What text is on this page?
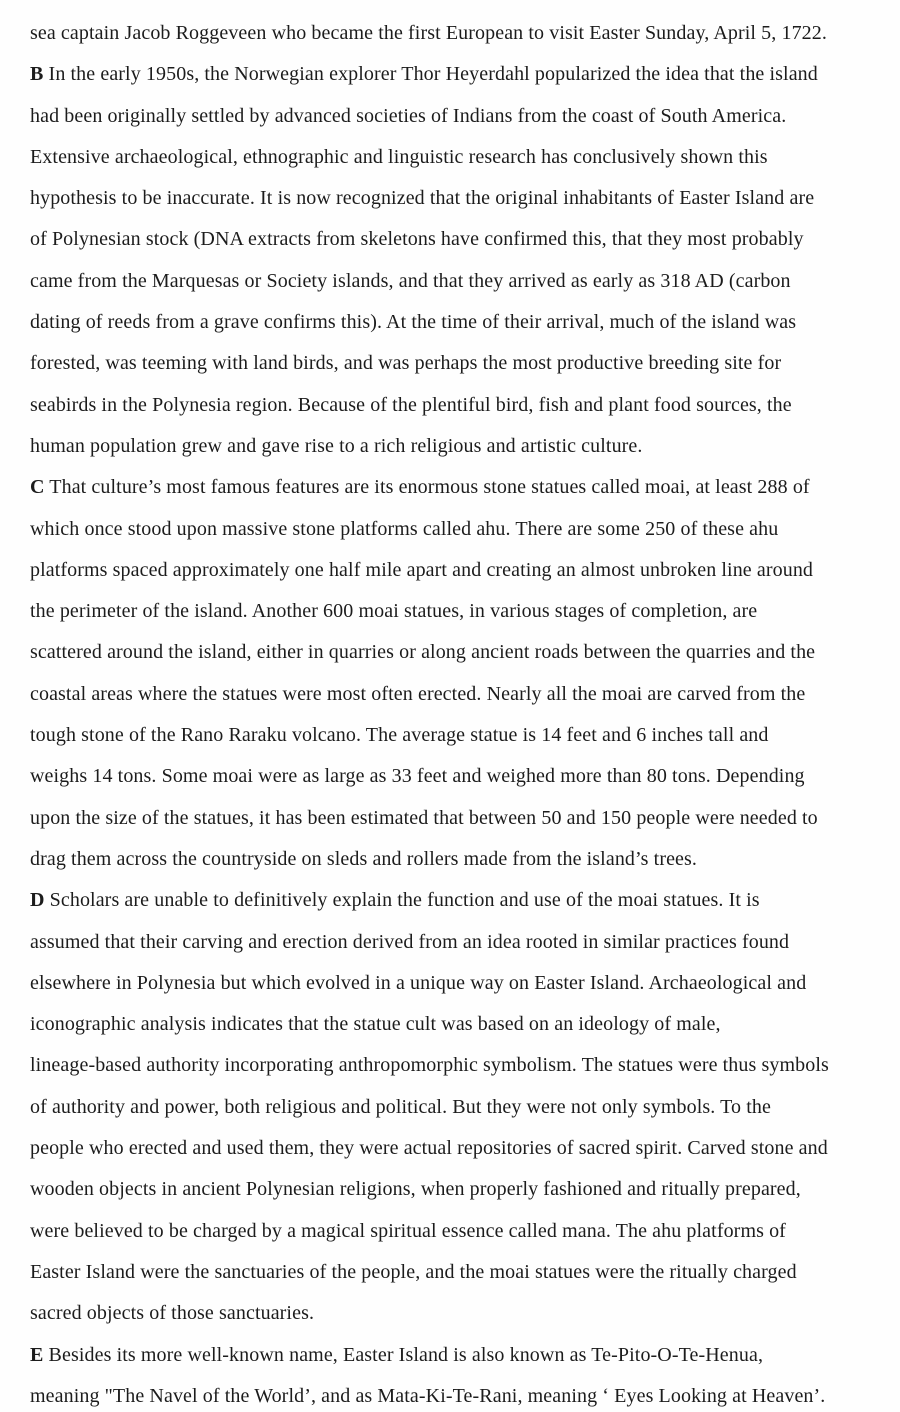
sea captain Jacob Roggeveen who became the first European to visit Easter Sunday, April 5, 1722.
B In the early 1950s, the Norwegian explorer Thor Heyerdahl popularized the idea that the island
had been originally settled by advanced societies of Indians from the coast of South America.
Extensive archaeological, ethnographic and linguistic research has conclusively shown this
hypothesis to be inaccurate. It is now recognized that the original inhabitants of Easter Island are
of Polynesian stock (DNA extracts from skeletons have confirmed this, that they most probably
came from the Marquesas or Society islands, and that they arrived as early as 318 AD (carbon
dating of reeds from a grave confirms this). At the time of their arrival, much of the island was
forested, was teeming with land birds, and was perhaps the most productive breeding site for
seabirds in the Polynesia region. Because of the plentiful bird, fish and plant food sources, the
human population grew and gave rise to a rich religious and artistic culture.
C That culture’s most famous features are its enormous stone statues called moai, at least 288 of
which once stood upon massive stone platforms called ahu. There are some 250 of these ahu
platforms spaced approximately one half mile apart and creating an almost unbroken line around
the perimeter of the island. Another 600 moai statues, in various stages of completion, are
scattered around the island, either in quarries or along ancient roads between the quarries and the
coastal areas where the statues were most often erected. Nearly all the moai are carved from the
tough stone of the Rano Raraku volcano. The average statue is 14 feet and 6 inches tall and
weighs 14 tons. Some moai were as large as 33 feet and weighed more than 80 tons. Depending
upon the size of the statues, it has been estimated that between 50 and 150 people were needed to
drag them across the countryside on sleds and rollers made from the island’s trees.
D Scholars are unable to definitively explain the function and use of the moai statues. It is
assumed that their carving and erection derived from an idea rooted in similar practices found
elsewhere in Polynesia but which evolved in a unique way on Easter Island. Archaeological and
iconographic analysis indicates that the statue cult was based on an ideology of male,
lineage-based authority incorporating anthropomorphic symbolism. The statues were thus symbols
of authority and power, both religious and political. But they were not only symbols. To the
people who erected and used them, they were actual repositories of sacred spirit. Carved stone and
wooden objects in ancient Polynesian religions, when properly fashioned and ritually prepared,
were believed to be charged by a magical spiritual essence called mana. The ahu platforms of
Easter Island were the sanctuaries of the people, and the moai statues were the ritually charged
sacred objects of those sanctuaries.
E Besides its more well-known name, Easter Island is also known as Te-Pito-O-Te-Henua,
meaning "The Navel of the World’, and as Mata-Ki-Te-Rani, meaning ‘ Eyes Looking at Heaven’.
